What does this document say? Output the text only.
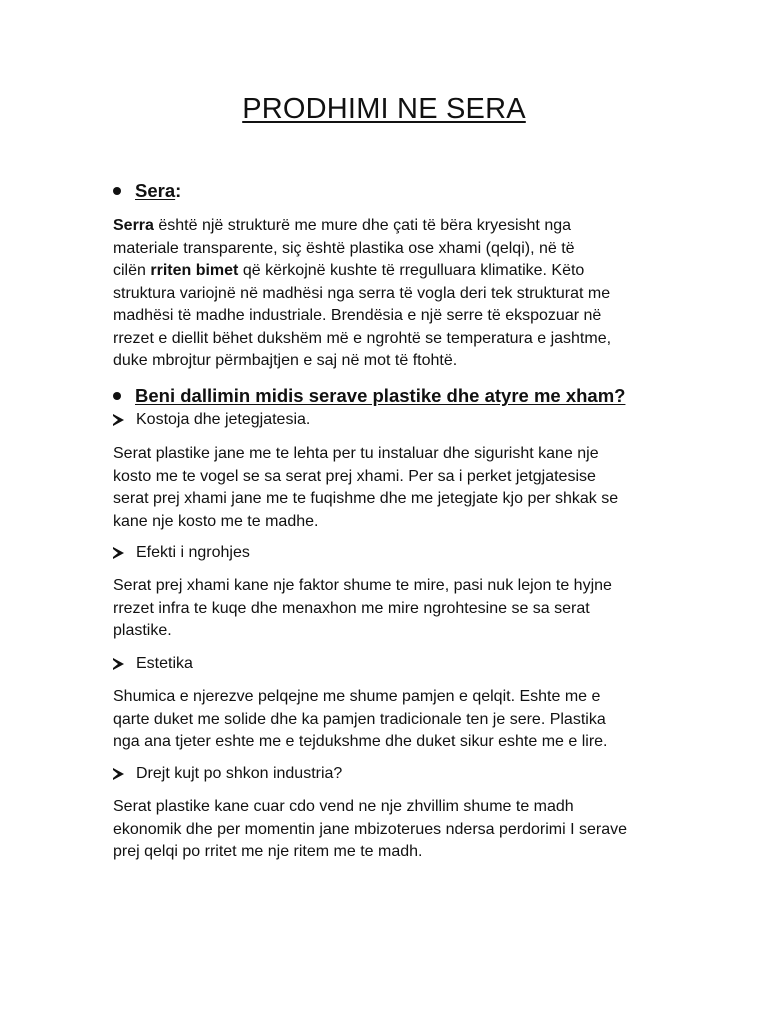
PRODHIMI NE SERA
Sera :
Serra është një strukturë me mure dhe çati të bëra kryesisht nga
materiale transparente, siç është plastika ose xhami (qelqi), në të
cilën rriten bimet që kërkojnë kushte të rregulluara klimatike. Këto
struktura variojnë në madhësi nga serra të vogla deri tek strukturat me
madhësi të madhe industriale. Brendësia e një serre të ekspozuar në
rrezet e diellit bëhet dukshëm më e ngrohtë se temperatura e jashtme,
duke mbrojtur përmbajtjen e saj në mot të ftohtë.
Beni dallimin midis serave plastike dhe atyre me xham?
Kostoja dhe jetegjatesia.
Serat plastike jane me te lehta per tu instaluar dhe sigurisht kane nje
kosto me te vogel se sa serat prej xhami. Per sa i perket jetgjatesise
serat prej xhami jane me te fuqishme dhe me jetegjate kjo per shkak se
kane nje kosto me te madhe.
Efekti i ngrohjes
Serat prej xhami kane nje faktor shume te mire, pasi nuk lejon te hyjne
rrezet infra te kuqe dhe menaxhon me mire ngrohtesine se sa serat
plastike.
Estetika
Shumica e njerezve pelqejne me shume pamjen e qelqit. Eshte me e
qarte duket me solide dhe ka pamjen tradicionale ten je sere. Plastika
nga ana tjeter eshte me e tejdukshme dhe duket sikur eshte me e lire.
Drejt kujt po shkon industria?
Serat plastike kane cuar cdo vend ne nje zhvillim shume te madh
ekonomik dhe per momentin jane mbizoterues ndersa perdorimi I serave
prej qelqi po rritet me nje ritem me te madh.
